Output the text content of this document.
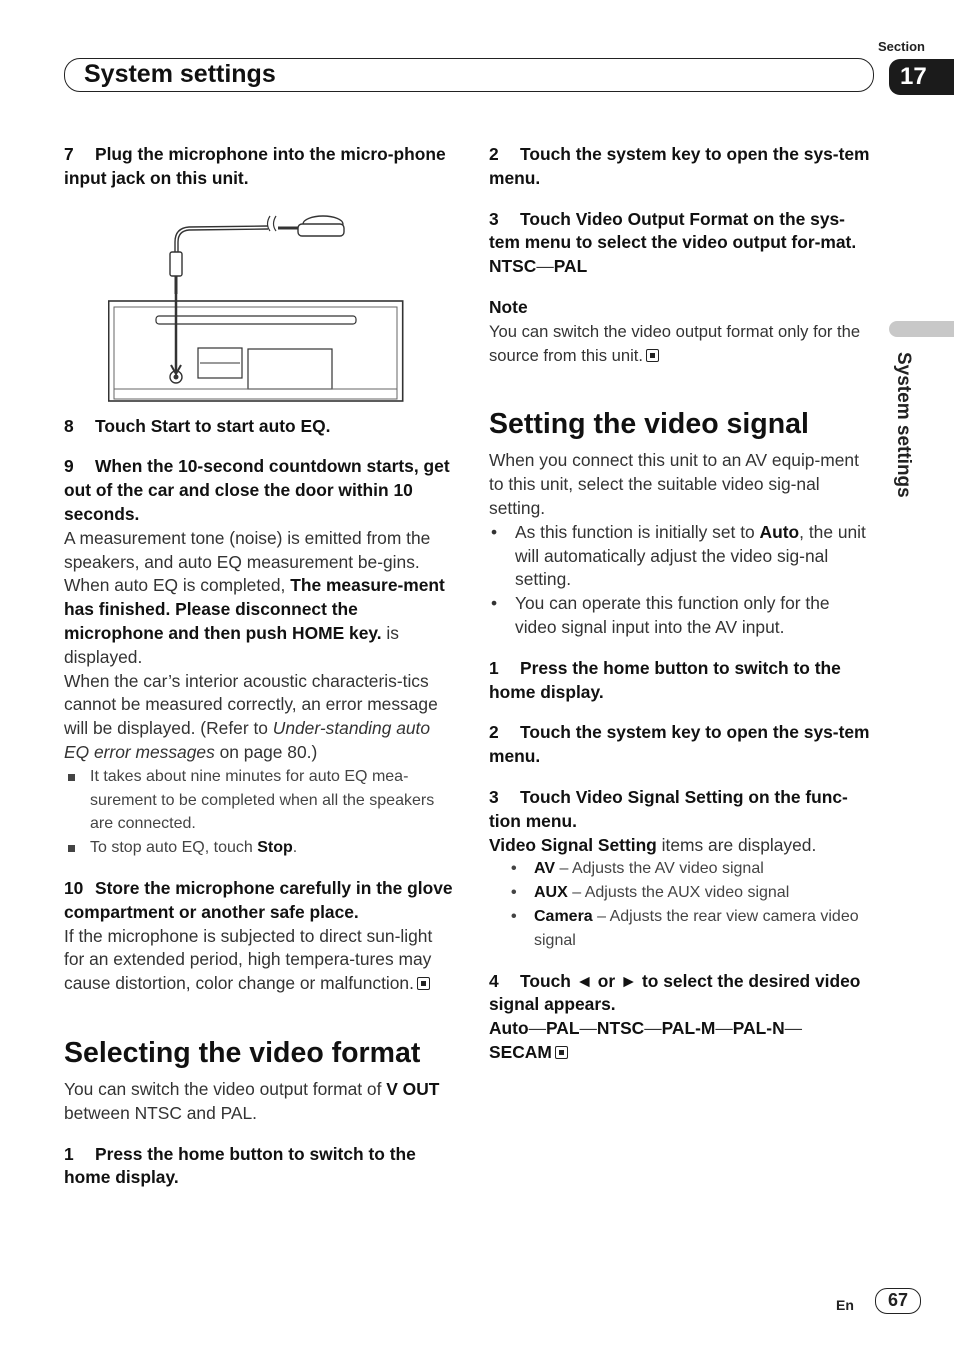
System settings
Section
17
System settings
7 Plug the microphone into the micro-phone input jack on this unit.
8 Touch Start to start auto EQ.
9 When the 10-second countdown starts, get out of the car and close the door within 10 seconds.
A measurement tone (noise) is emitted from the speakers, and auto EQ measurement be-gins.
When auto EQ is completed, The measure-ment has finished. Please disconnect the microphone and then push HOME key. is displayed.
When the car’s interior acoustic characteris-tics cannot be measured correctly, an error message will be displayed. (Refer to Under-standing auto EQ error messages on page 80.)
It takes about nine minutes for auto EQ mea-surement to be completed when all the speakers are connected.
To stop auto EQ, touch Stop.
10 Store the microphone carefully in the glove compartment or another safe place.
If the microphone is subjected to direct sun-light for an extended period, high tempera-tures may cause distortion, color change or malfunction.
Selecting the video format
You can switch the video output format of V OUT between NTSC and PAL.
1 Press the home button to switch to the home display.
2 Touch the system key to open the sys-tem menu.
3 Touch Video Output Format on the sys-tem menu to select the video output for-mat.
NTSC—PAL
Note
You can switch the video output format only for the source from this unit.
Setting the video signal
When you connect this unit to an AV equip-ment to this unit, select the suitable video sig-nal setting.
• As this function is initially set to Auto, the unit will automatically adjust the video sig-nal setting.
• You can operate this function only for the video signal input into the AV input.
1 Press the home button to switch to the home display.
2 Touch the system key to open the sys-tem menu.
3 Touch Video Signal Setting on the func-tion menu.
Video Signal Setting items are displayed.
• AV – Adjusts the AV video signal
• AUX – Adjusts the AUX video signal
• Camera – Adjusts the rear view camera video signal
4 Touch ◄ or ► to select the desired video signal appears.
Auto—PAL—NTSC—PAL-M—PAL-N—
SECAM
En	67
